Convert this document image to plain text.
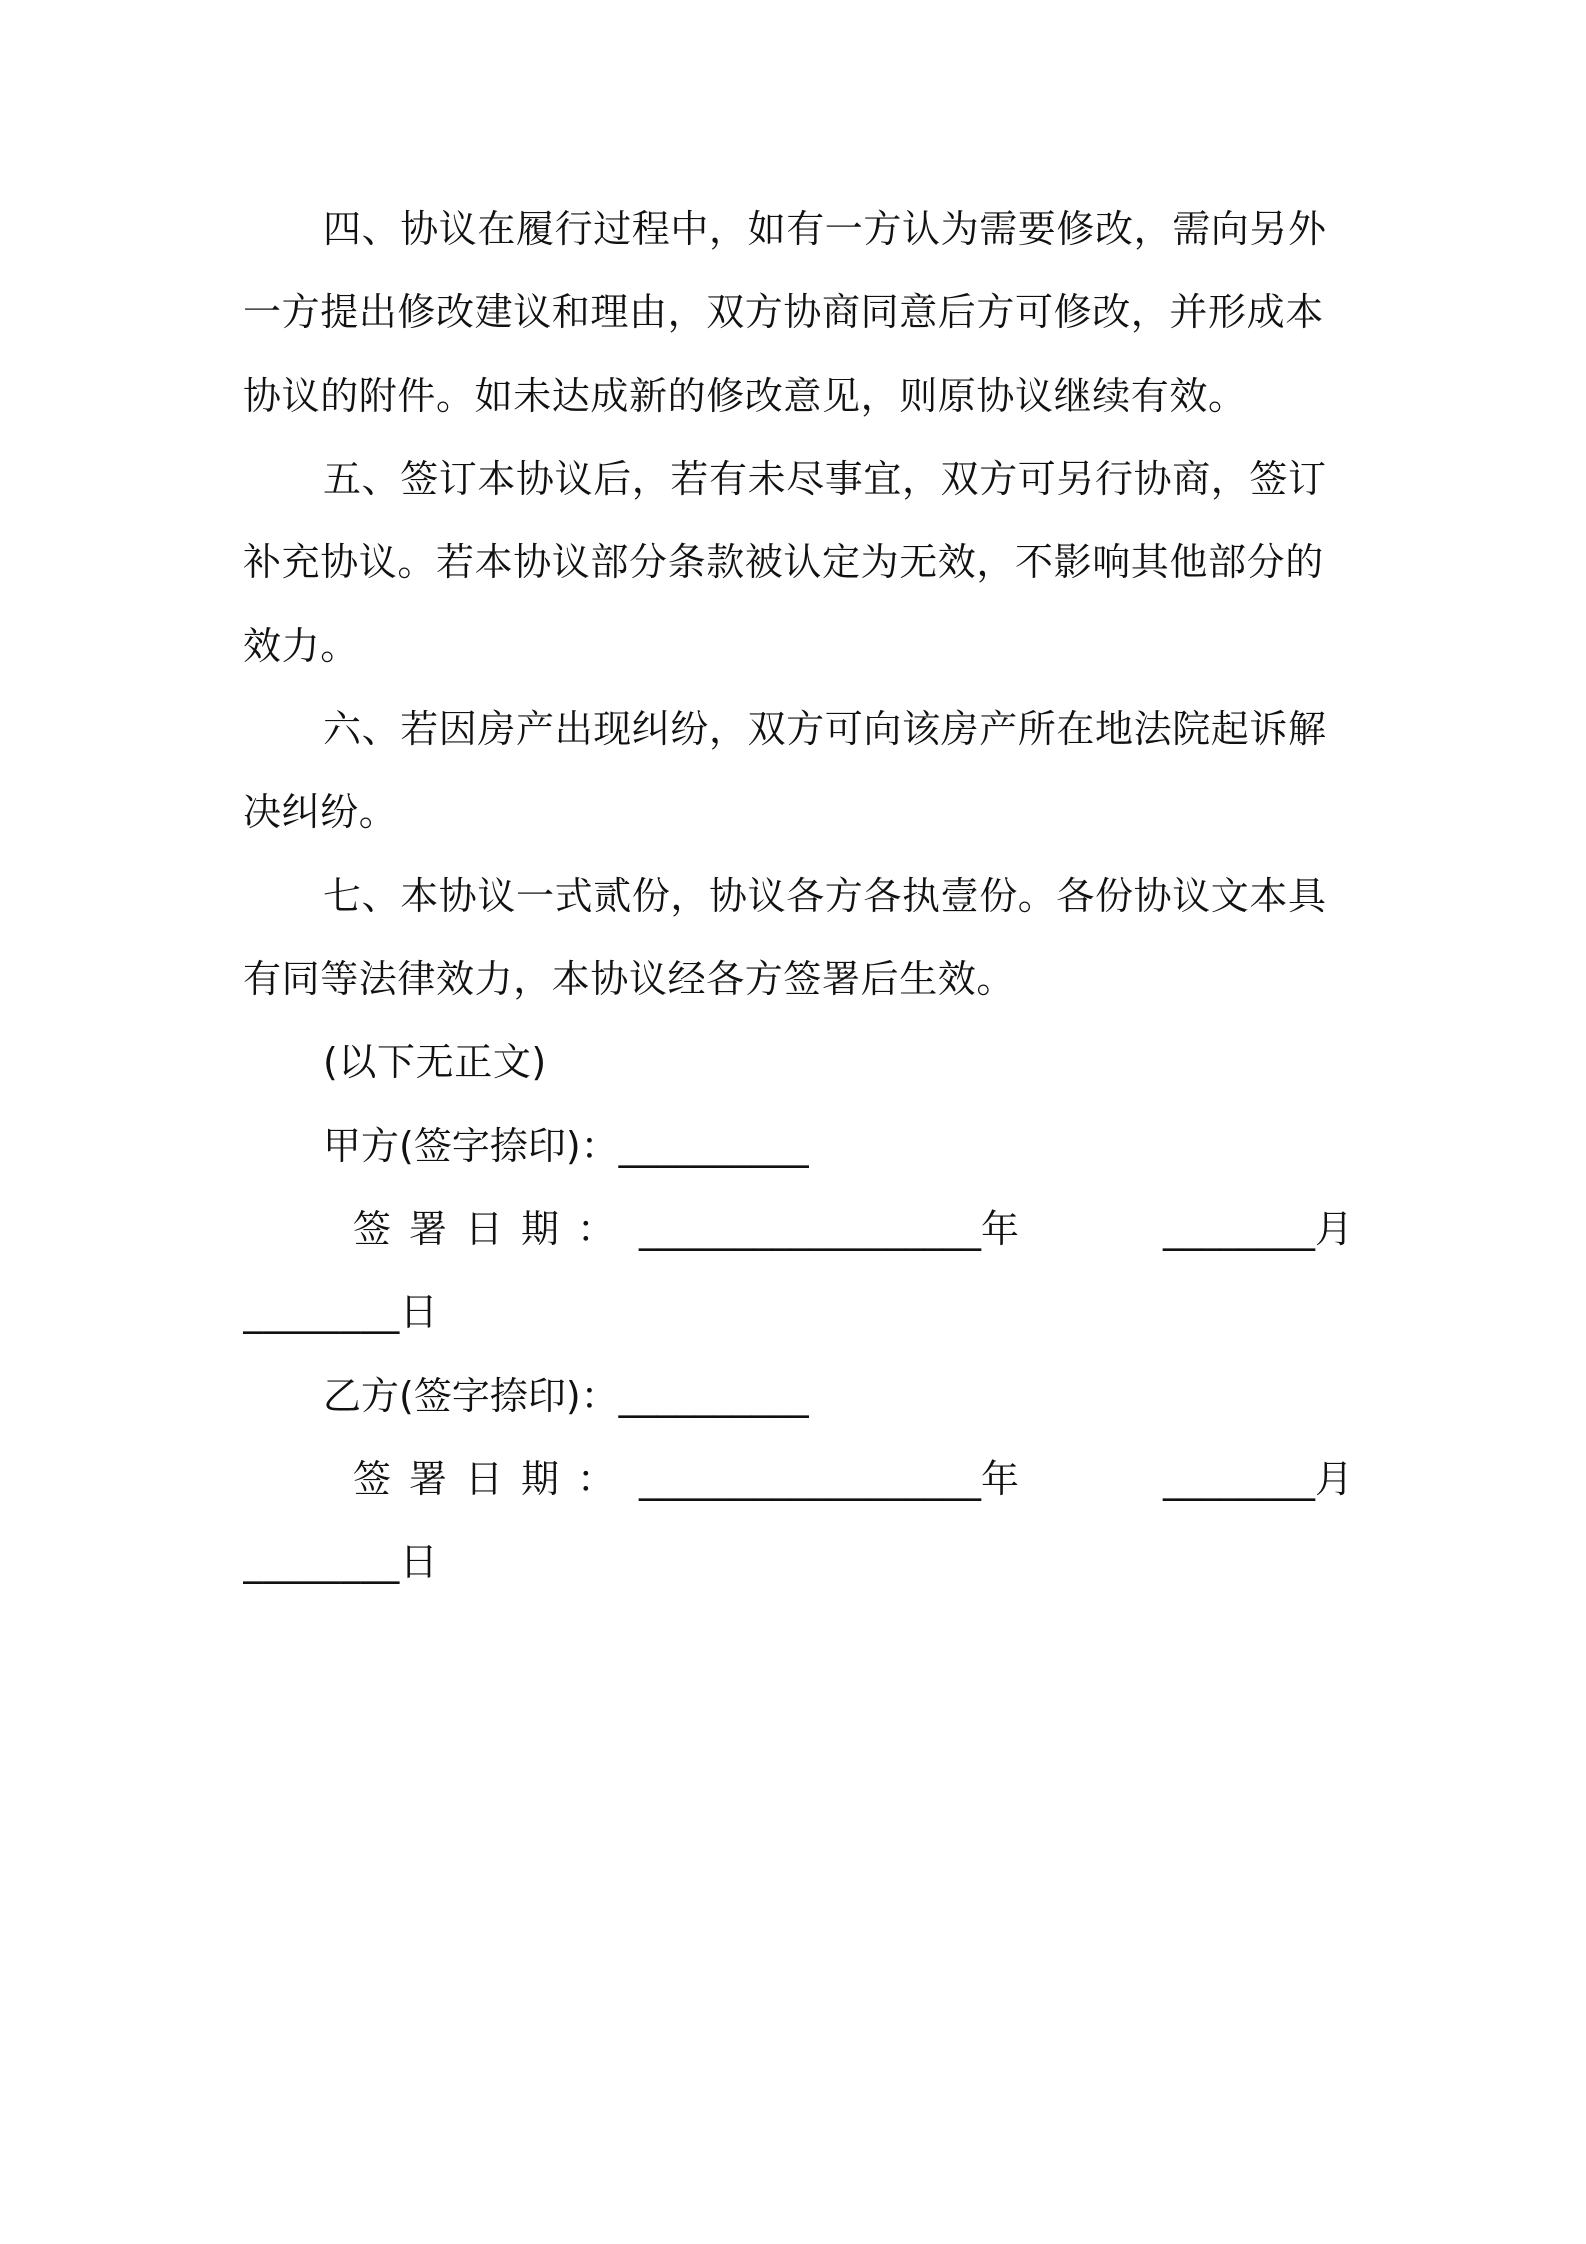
四、协议在履行过程中，如有一方认为需要修改，需向另外
一方提出修改建议和理由，双方协商同意后方可修改，并形成本
协议的附件。如未达成新的修改意见，则原协议继续有效。
五、签订本协议后，若有未尽事宜，双方可另行协商，签订
补充协议。若本协议部分条款被认定为无效，不影响其他部分的
效力。
六、若因房产出现纠纷，双方可向该房产所在地法院起诉解
决纠纷。
七、本协议一式贰份，协议各方各执壹份。各份协议文本具
有同等法律效力，本协议经各方签署后生效。
(以下无正文)
甲方(签字捺印)：__________
签署日期： __________________年	________月
________日
乙方(签字捺印)：__________
签署日期： __________________年	________月
________日
